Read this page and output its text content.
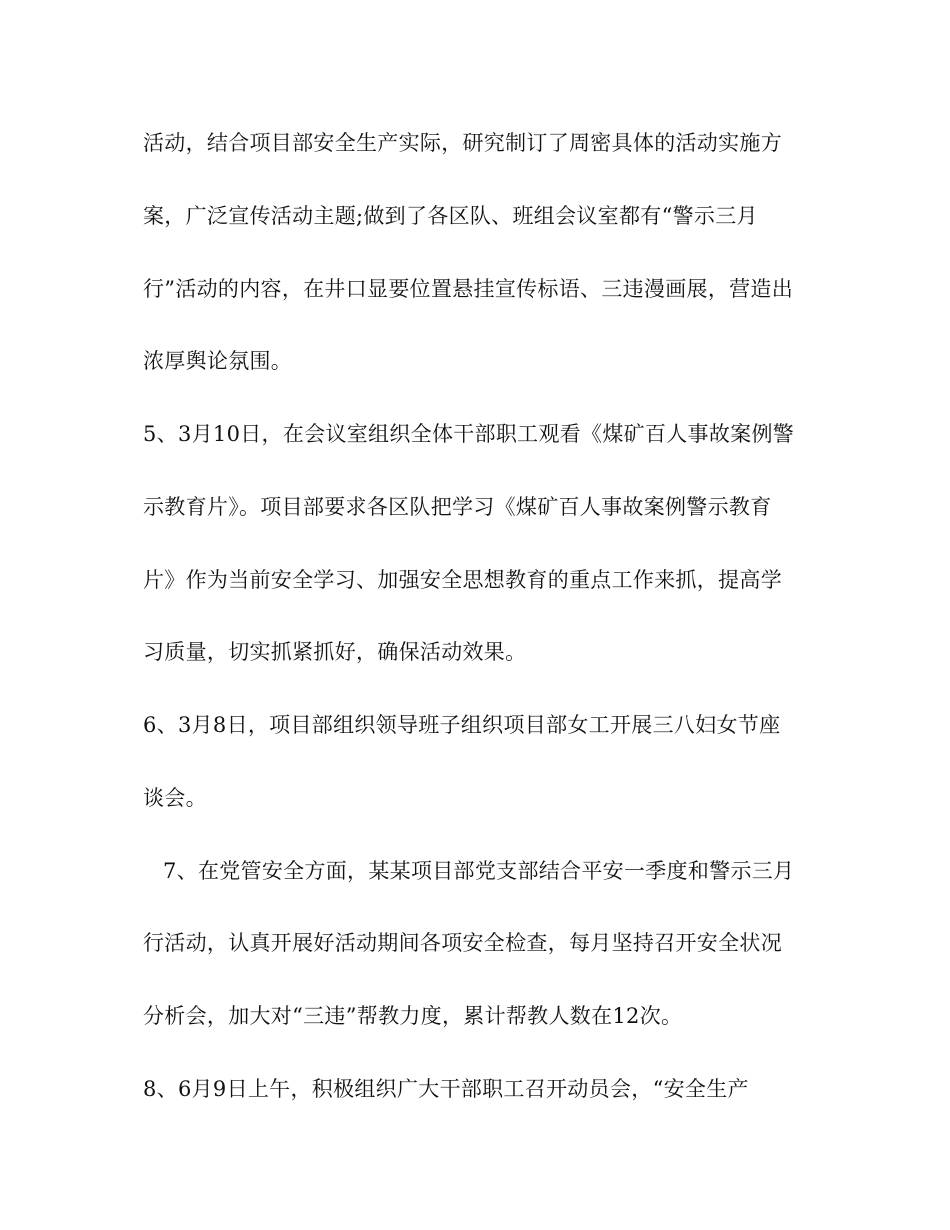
活动，结合项目部安全生产实际，研究制订了周密具体的活动实施方
案，广泛宣传活动主题;做到了各区队、班组会议室都有“警示三月
行”活动的内容，在井口显要位置悬挂宣传标语、三违漫画展，营造出
浓厚舆论氛围。
5、3月10日，在会议室组织全体干部职工观看《煤矿百人事故案例警
示教育片》。项目部要求各区队把学习《煤矿百人事故案例警示教育
片》作为当前安全学习、加强安全思想教育的重点工作来抓，提高学
习质量，切实抓紧抓好，确保活动效果。
6、3月8日，项目部组织领导班子组织项目部女工开展三八妇女节座
谈会。
7、在党管安全方面，某某项目部党支部结合平安一季度和警示三月
行活动，认真开展好活动期间各项安全检查，每月坚持召开安全状况
分析会，加大对“三违”帮教力度，累计帮教人数在12次。
8、6月9日上午，积极组织广大干部职工召开动员会，“安全生产
